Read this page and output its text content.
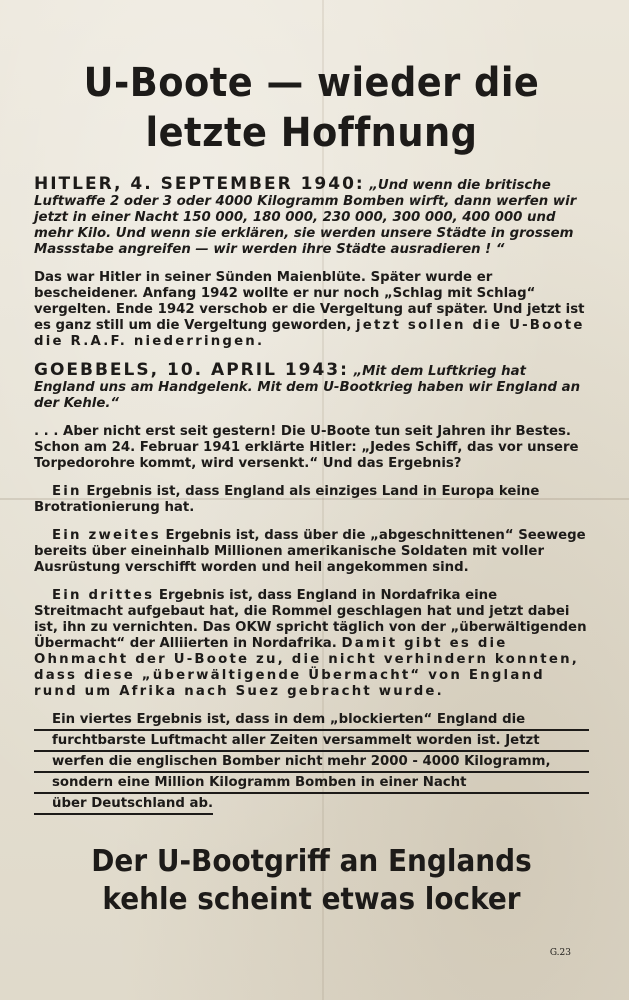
U-Boote — wieder die
letzte Hoffnung

HITLER, 4. SEPTEMBER 1940: „Und wenn die britische Luftwaffe 2 oder 3 oder 4000 Kilogramm Bomben wirft, dann werfen wir jetzt in einer Nacht 150 000, 180 000, 230 000, 300 000, 400 000 und mehr Kilo. Und wenn sie erklären, sie werden unsere Städte in grossem Massstabe angreifen — wir werden ihre Städte ausradieren ! “

Das war Hitler in seiner Sünden Maienblüte. Später wurde er bescheidener. Anfang 1942 wollte er nur noch „Schlag mit Schlag“ vergelten. Ende 1942 verschob er die Vergeltung auf später. Und jetzt ist es ganz still um die Vergeltung geworden, jetzt sollen die U-Boote die R.A.F. niederringen.

GOEBBELS, 10. APRIL 1943: „Mit dem Luftkrieg hat England uns am Handgelenk. Mit dem U-Bootkrieg haben wir England an der Kehle.“

. . . Aber nicht erst seit gestern! Die U-Boote tun seit Jahren ihr Bestes. Schon am 24. Februar 1941 erklärte Hitler: „Jedes Schiff, das vor unsere Torpedorohre kommt, wird versenkt.“ Und das Ergebnis?

Ein Ergebnis ist, dass England als einziges Land in Europa keine Brotrationierung hat.

Ein zweites Ergebnis ist, dass über die „abgeschnittenen“ Seewege bereits über eineinhalb Millionen amerikanische Soldaten mit voller Ausrüstung verschifft worden und heil angekommen sind.

Ein drittes Ergebnis ist, dass England in Nordafrika eine Streitmacht aufgebaut hat, die Rommel geschlagen hat und jetzt dabei ist, ihn zu vernichten. Das OKW spricht täglich von der „überwältigenden Übermacht“ der Alliierten in Nordafrika. Damit gibt es die Ohnmacht der U-Boote zu, die nicht verhindern konnten, dass diese „überwältigende Übermacht“ von England rund um Afrika nach Suez gebracht wurde.

Ein viertes Ergebnis ist, dass in dem „blockierten“ England die
furchtbarste Luftmacht aller Zeiten versammelt worden ist. Jetzt
werfen die englischen Bomber nicht mehr 2000 - 4000 Kilogramm,
sondern eine Million Kilogramm Bomben in einer Nacht
über Deutschland ab.
Der U-Bootgriff an Englands
kehle scheint etwas locker
G.23
